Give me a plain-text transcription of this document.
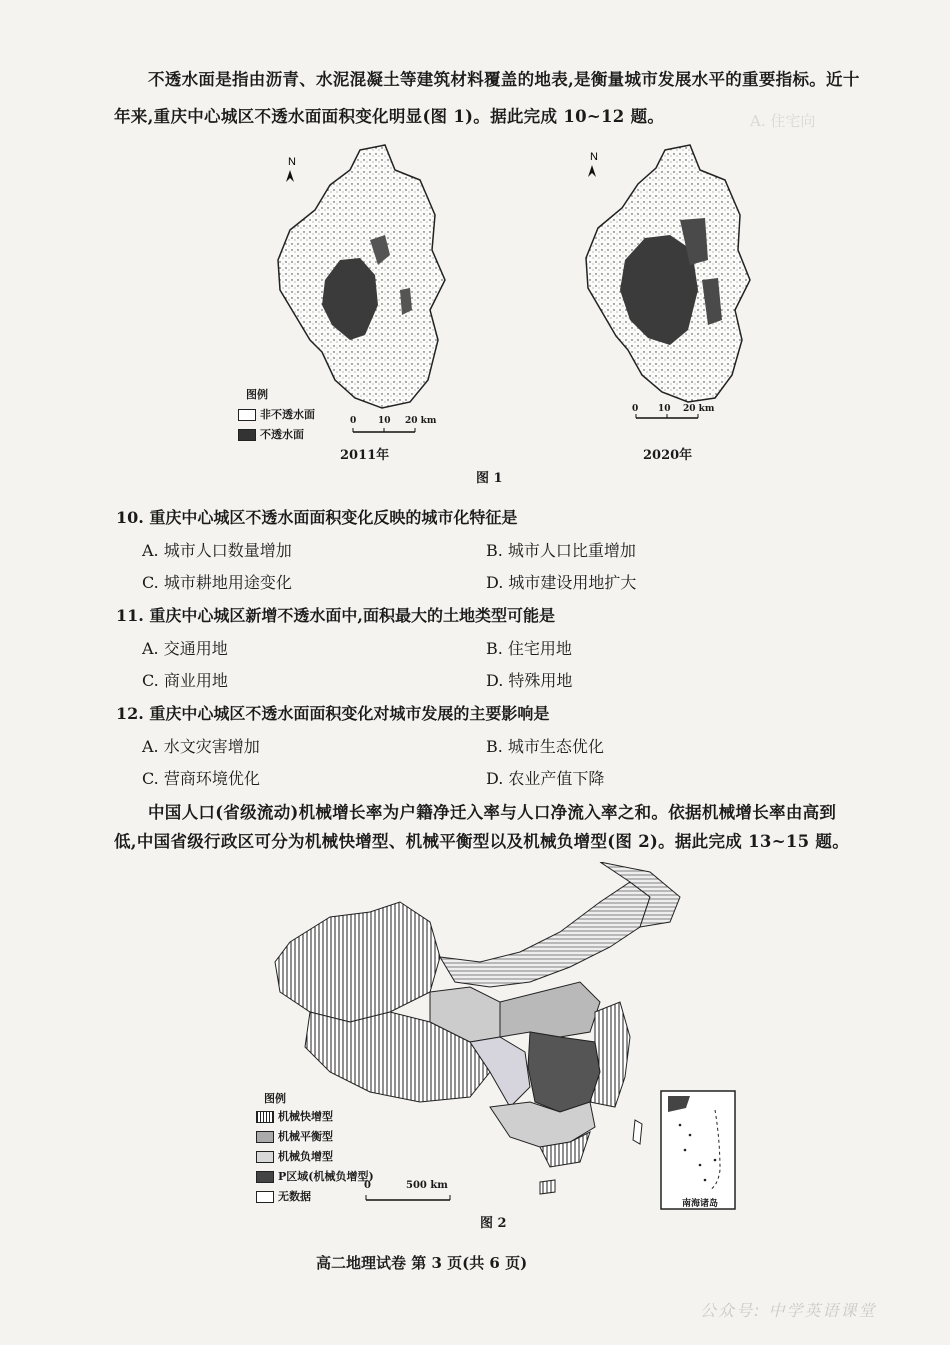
不透水面是指由沥青、水泥混凝土等建筑材料覆盖的地表,是衡量城市发展水平的重要指标。近十
年来,重庆中心城区不透水面面积变化明显(图 1)。据此完成 10~12 题。	A. 住宅向
N	N
图例
非不透水面
不透水面
0 10 20 km
0 10 20 km
2011年	2020年
图 1
10. 重庆中心城区不透水面面积变化反映的城市化特征是
A. 城市人口数量增加	B. 城市人口比重增加
C. 城市耕地用途变化	D. 城市建设用地扩大
11. 重庆中心城区新增不透水面中,面积最大的土地类型可能是
A. 交通用地	B. 住宅用地
C. 商业用地	D. 特殊用地
12. 重庆中心城区不透水面面积变化对城市发展的主要影响是
A. 水文灾害增加	B. 城市生态优化
C. 营商环境优化	D. 农业产值下降
中国人口(省级流动)机械增长率为户籍净迁入率与人口净流入率之和。依据机械增长率由高到
低,中国省级行政区可分为机械快增型、机械平衡型以及机械负增型(图 2)。据此完成 13~15 题。
南海诸岛
图例
机械快增型
机械平衡型
机械负增型
P区域(机械负增型)
无数据
0	500 km
图 2
高二地理试卷 第 3 页(共 6 页)
公众号: 中学英语课堂
